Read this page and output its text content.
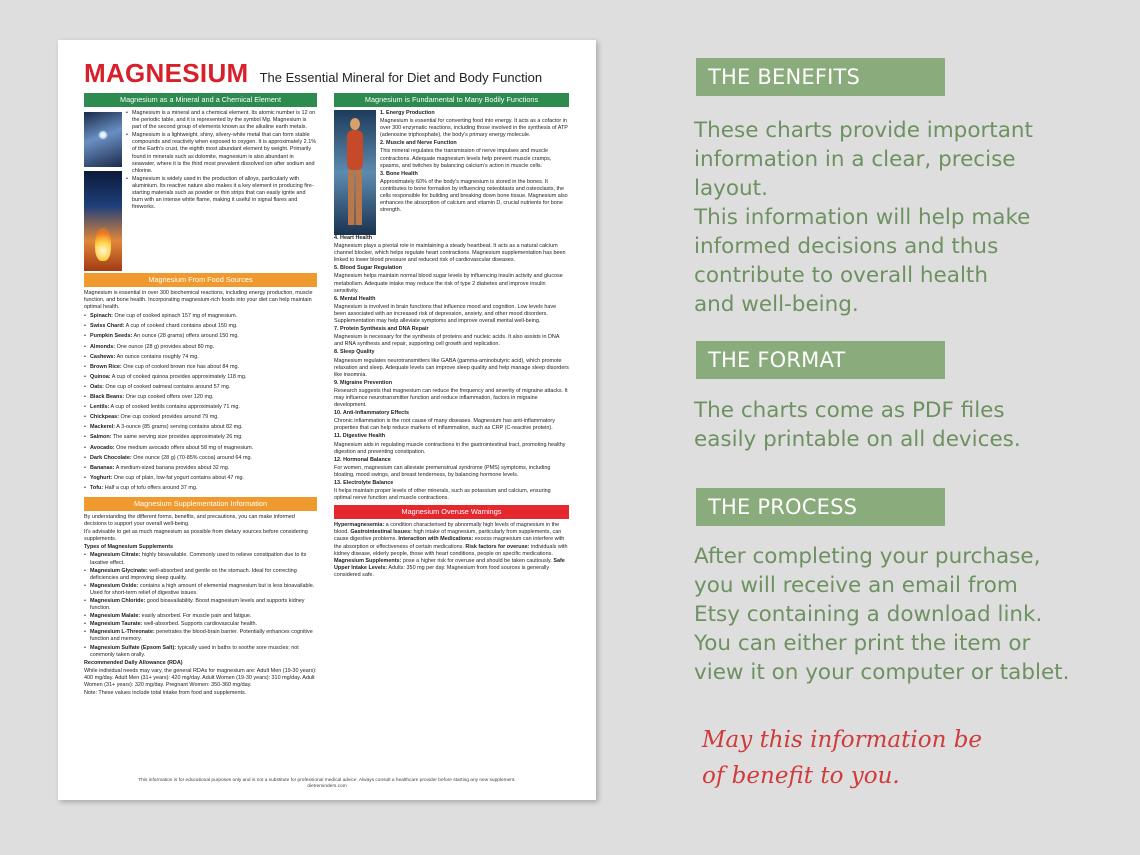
MAGNESIUM The Essential Mineral for Diet and Body Function
Magnesium as a Mineral and a Chemical Element

• Magnesium is a mineral and a chemical element. Its atomic number is 12 on the periodic table, and it is represented by the symbol Mg. Magnesium is part of the second group of elements known as the alkaline earth metals.

• Magnesium is a lightweight, shiny, silvery-white metal that can form stable compounds and reactivity when exposed to oxygen. It is approximately 2.1% of the Earth's crust, the eighth most abundant element by weight. Primarily found in minerals such as dolomite, magnesium is also abundant in seawater, where it is the third most prevalent dissolved ion after sodium and chlorine.

• Magnesium is widely used in the production of alloys, particularly with aluminium. Its reactive nature also makes it a key element in producing fire-starting materials such as powder or thin strips that can easily ignite and burn with an intense white flame, making it useful in signal flares and fireworks.

Magnesium From Food Sources

Magnesium is essential in over 300 biochemical reactions, including energy production, muscle function, and bone health. Incorporating magnesium-rich foods into your diet can help maintain optimal health.

• Spinach: One cup of cooked spinach 157 mg of magnesium.

• Swiss Chard: A cup of cooked chard contains about 150 mg.

• Pumpkin Seeds: An ounce (28 grams) offers around 150 mg.

• Almonds: One ounce (28 g) provides about 80 mg.

• Cashews: An ounce contains roughly 74 mg.

• Brown Rice: One cup of cooked brown rice has about 84 mg.

• Quinoa: A cup of cooked quinoa provides approximately 118 mg.

• Oats: One cup of cooked oatmeal contains around 57 mg.

• Black Beans: One cup cooked offers over 120 mg.

• Lentils: A cup of cooked lentils contains approximately 71 mg.

• Chickpeas: One cup cooked provides around 79 mg.

• Mackerel: A 3-ounce (85 grams) serving contains about 82 mg.

• Salmon: The same serving size provides approximately 26 mg.

• Avocado: One medium avocado offers about 58 mg of magnesium.

• Dark Chocolate: One ounce (28 g) (70-85% cocoa) around 64 mg.

• Bananas: A medium-sized banana provides about 32 mg.

• Yoghurt: One cup of plain, low-fat yogurt contains about 47 mg.

• Tofu: Half a cup of tofu offers around 37 mg.

Magnesium Supplementation Information

By understanding the different forms, benefits, and precautions, you can make informed decisions to support your overall well-being.

It's advisable to get as much magnesium as possible from dietary sources before considering supplements.

Types of Magnesium Supplements

• Magnesium Citrate: highly bioavailable. Commonly used to relieve constipation due to its laxative effect.

• Magnesium Glycinate: well-absorbed and gentle on the stomach. Ideal for correcting deficiencies and improving sleep quality.

• Magnesium Oxide: contains a high amount of elemental magnesium but is less bioavailable. Used for short-term relief of digestive issues.

• Magnesium Chloride: good bioavailability. Boost magnesium levels and supports kidney function.

• Magnesium Malate: easily absorbed. For muscle pain and fatigue.

• Magnesium Taurate: well-absorbed. Supports cardiovascular health.

• Magnesium L-Threonate: penetrates the blood-brain barrier. Potentially enhances cognitive function and memory.

• Magnesium Sulfate (Epsom Salt): typically used in baths to soothe sore muscles; not commonly taken orally.

Recommended Daily Allowance (RDA)

While individual needs may vary, the general RDAs for magnesium are: Adult Men (19-30 years): 400 mg/day. Adult Men (31+ years): 420 mg/day. Adult Women (19-30 years): 310 mg/day. Adult Women (31+ years): 320 mg/day. Pregnant Women: 350-360 mg/day.

Note: These values include total intake from food and supplements.

Magnesium is Fundamental to Many Bodily Functions

1. Energy Production

Magnesium is essential for converting food into energy. It acts as a cofactor in over 300 enzymatic reactions, including those involved in the synthesis of ATP (adenosine triphosphate), the body's primary energy molecule.

2. Muscle and Nerve Function

This mineral regulates the transmission of nerve impulses and muscle contractions. Adequate magnesium levels help prevent muscle cramps, spasms, and twitches by balancing calcium's action in muscle cells.

3. Bone Health

Approximately 60% of the body's magnesium is stored in the bones. It contributes to bone formation by influencing osteoblasts and osteoclasts, the cells responsible for building and breaking down bone tissue. Magnesium also enhances the absorption of calcium and vitamin D, crucial nutrients for bone strength.

4. Heart Health

Magnesium plays a pivotal role in maintaining a steady heartbeat. It acts as a natural calcium channel blocker, which helps regulate heart contractions. Magnesium supplementation has been linked to lower blood pressure and reduced risk of cardiovascular diseases.

5. Blood Sugar Regulation

Magnesium helps maintain normal blood sugar levels by influencing insulin activity and glucose metabolism. Adequate intake may reduce the risk of type 2 diabetes and improve insulin sensitivity.

6. Mental Health

Magnesium is involved in brain functions that influence mood and cognition. Low levels have been associated with an increased risk of depression, anxiety, and other mood disorders. Supplementation may help alleviate symptoms and improve overall mental well-being.

7. Protein Synthesis and DNA Repair

Magnesium is necessary for the synthesis of proteins and nucleic acids. It also assists in DNA and RNA synthesis and repair, supporting cell growth and replication.

8. Sleep Quality

Magnesium regulates neurotransmitters like GABA (gamma-aminobutyric acid), which promote relaxation and sleep. Adequate levels can improve sleep quality and help manage sleep disorders like insomnia.

9. Migraine Prevention

Research suggests that magnesium can reduce the frequency and severity of migraine attacks. It may influence neurotransmitter function and reduce inflammation, factors in migraine development.

10. Anti-Inflammatory Effects

Chronic inflammation is the root cause of many diseases. Magnesium has anti-inflammatory properties that can help reduce markers of inflammation, such as CRP (C-reactive protein).

11. Digestive Health

Magnesium aids in regulating muscle contractions in the gastrointestinal tract, promoting healthy digestion and preventing constipation.

12. Hormonal Balance

For women, magnesium can alleviate premenstrual syndrome (PMS) symptoms, including bloating, mood swings, and breast tenderness, by balancing hormone levels.

13. Electrolyte Balance

It helps maintain proper levels of other minerals, such as potassium and calcium, ensuring optimal nerve function and muscle contractions.

Magnesium Overuse Warnings

Hypermagnesemia: a condition characterised by abnormally high levels of magnesium in the blood. Gastrointestinal Issues: high intake of magnesium, particularly from supplements, can cause digestive problems. Interaction with Medications: excess magnesium can interfere with the absorption or effectiveness of certain medications. Risk factors for overuse: individuals with kidney disease, elderly people, those with heart conditions, people on specific medications. Magnesium Supplements: pose a higher risk for overuse and should be taken cautiously. Safe Upper Intake Levels: Adults: 350 mg per day. Magnesium from food sources is generally considered safe.

This information is for educational purposes only and is not a substitute for professional medical advice. Always consult a healthcare provider before starting any new supplement.
dietreminders.com
THE BENEFITS

These charts provide important

information in a clear, precise

layout.

This information will help make

informed decisions and thus

contribute to overall health

and well-being.

THE FORMAT

The charts come as PDF files

easily printable on all devices.

THE PROCESS

After completing your purchase,

you will receive an email from

Etsy containing a download link.

You can either print the item or

view it on your computer or tablet.

May this information be
of benefit to you.
